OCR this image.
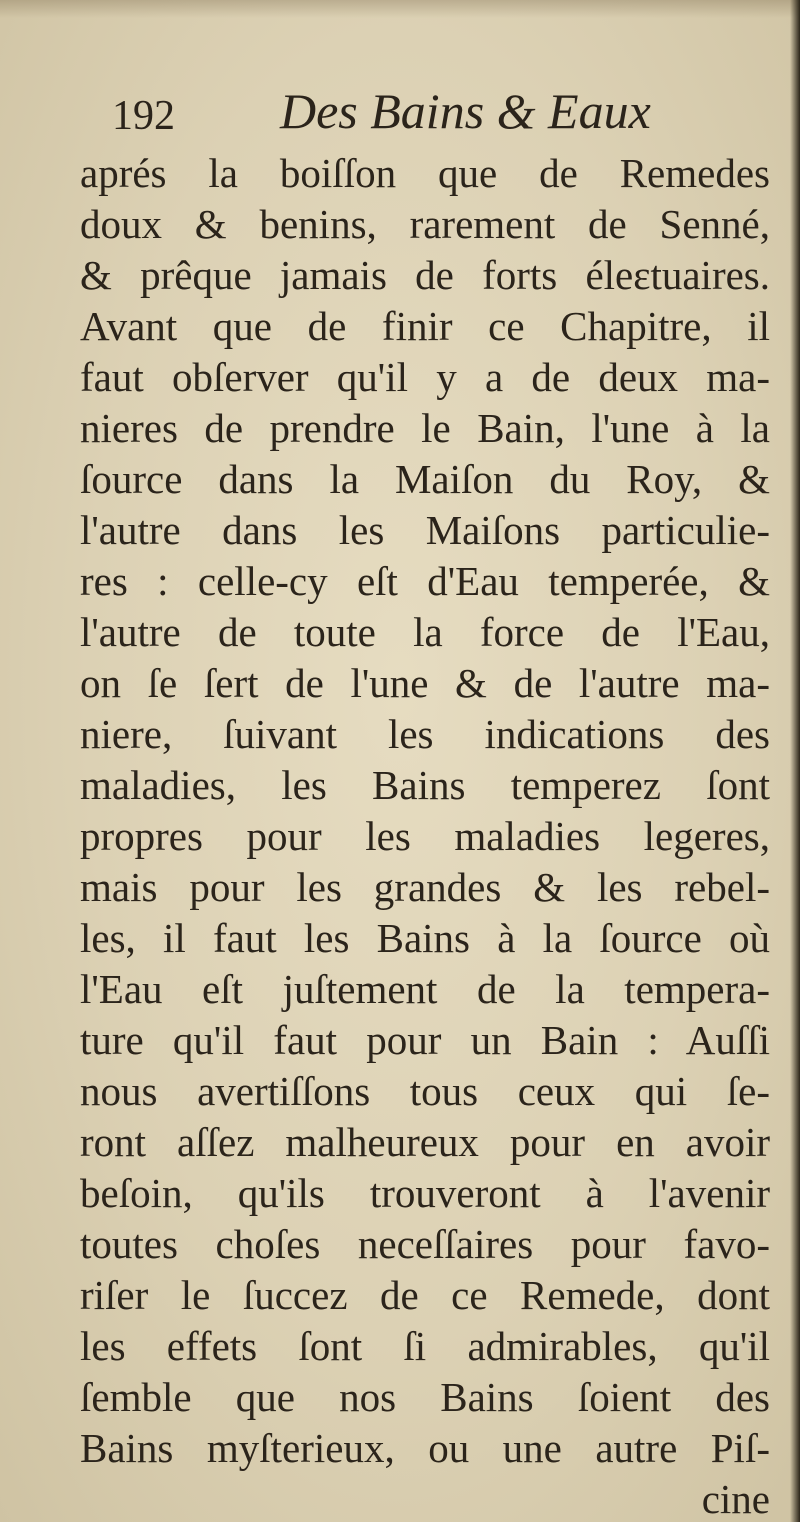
192 Des Bains & Eaux
aprés la boiſſon que de Remedes
doux & benins, rarement de Senné,
& prêque jamais de forts éleɛtuaires.
Avant que de finir ce Chapitre, il
faut obſerver qu'il y a de deux ma-
nieres de prendre le Bain, l'une à la
ſource dans la Maiſon du Roy, &
l'autre dans les Maiſons particulie-
res : celle-cy eſt d'Eau temperée, &
l'autre de toute la force de l'Eau,
on ſe ſert de l'une & de l'autre ma-
niere, ſuivant les indications des
maladies, les Bains temperez ſont
propres pour les maladies legeres,
mais pour les grandes & les rebel-
les, il faut les Bains à la ſource où
l'Eau eſt juſtement de la tempera-
ture qu'il faut pour un Bain : Auſſi
nous avertiſſons tous ceux qui ſe-
ront aſſez malheureux pour en avoir
beſoin, qu'ils trouveront à l'avenir
toutes choſes neceſſaires pour favo-
riſer le ſuccez de ce Remede, dont
les effets ſont ſi admirables, qu'il
ſemble que nos Bains ſoient des
Bains myſterieux, ou une autre Piſ-
cine
